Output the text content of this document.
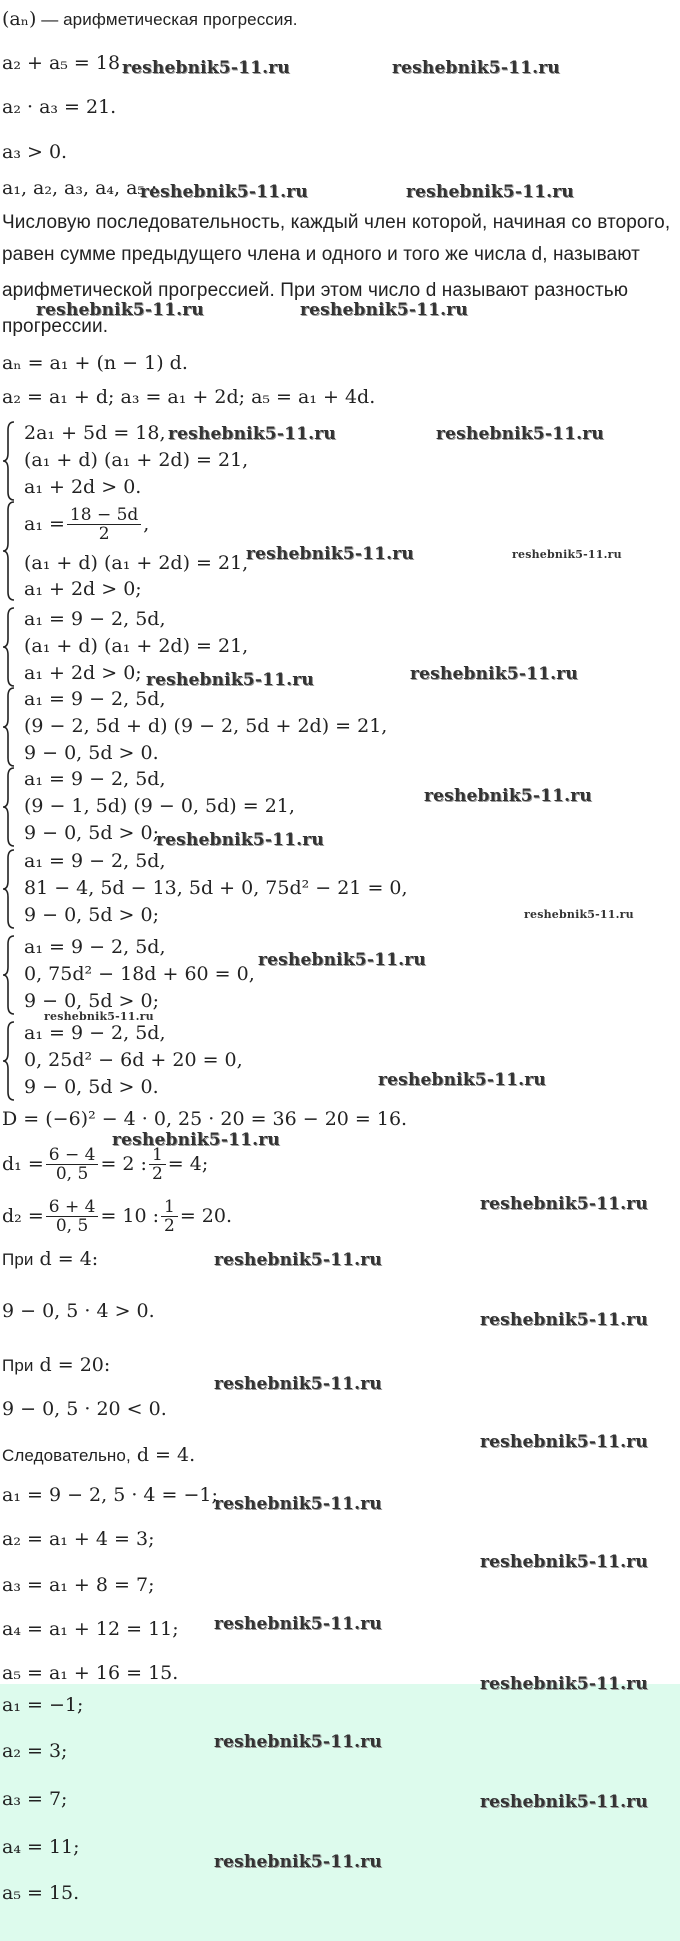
(aₙ) — арифметическая прогрессия.
a₂ + a₅ = 18
a₂ · a₃ = 21.
a₃ > 0.
a₁, a₂, a₃, a₄, a₅ ·
Числовую последовательность, каждый член которой, начиная со второго,
равен сумме предыдущего члена и одного и того же числа d, называют
арифметической прогрессией. При этом число d называют разностью
прогрессии.
aₙ = a₁ + (n − 1) d.
a₂ = a₁ + d; a₃ = a₁ + 2d; a₅ = a₁ + 4d.
2a₁ + 5d = 18,
(a₁ + d) (a₁ + 2d) = 21,
a₁ + 2d > 0.
$a_1 = \frac{18 - 5d}{2}$ ,
(a₁ + d) (a₁ + 2d) = 21,
a₁ + 2d > 0;
a₁ = 9 − 2, 5d,
(a₁ + d) (a₁ + 2d) = 21,
a₁ + 2d > 0;
a₁ = 9 − 2, 5d,
(9 − 2, 5d + d) (9 − 2, 5d + 2d) = 21,
9 − 0, 5d > 0.
a₁ = 9 − 2, 5d,
(9 − 1, 5d) (9 − 0, 5d) = 21,
9 − 0, 5d > 0;
a₁ = 9 − 2, 5d,
81 − 4, 5d − 13, 5d + 0, 75d² − 21 = 0,
9 − 0, 5d > 0;
a₁ = 9 − 2, 5d,
0, 75d² − 18d + 60 = 0,
9 − 0, 5d > 0;
a₁ = 9 − 2, 5d,
0, 25d² − 6d + 20 = 0,
9 − 0, 5d > 0.
D = (−6)² − 4 · 0, 25 · 20 = 36 − 20 = 16.
$d_1 = \frac{6 - 4}{0, 5} = 2$ : $\frac{1}{2} = 4$;
$d_2 = \frac{6 + 4}{0, 5} = 10$ : $\frac{1}{2} = 20$.
При d = 4:
9 − 0, 5 · 4 > 0.
При d = 20:
9 − 0, 5 · 20 < 0.
Следовательно, d = 4.
a₁ = 9 − 2, 5 · 4 = −1;
a₂ = a₁ + 4 = 3;
a₃ = a₁ + 8 = 7;
a₄ = a₁ + 12 = 11;
a₅ = a₁ + 16 = 15.
a₁ = −1;
a₂ = 3;
a₃ = 7;
a₄ = 11;
a₅ = 15.
reshebnik5-11.ru	reshebnik5-11.ru
reshebnik5-11.ru	reshebnik5-11.ru
reshebnik5-11.ru	reshebnik5-11.ru
reshebnik5-11.ru	reshebnik5-11.ru
reshebnik5-11.ru	reshebnik5-11.ru
reshebnik5-11.ru	reshebnik5-11.ru
reshebnik5-11.ru
reshebnik5-11.ru
reshebnik5-11.ru
reshebnik5-11.ru
reshebnik5-11.ru
reshebnik5-11.ru
reshebnik5-11.ru
reshebnik5-11.ru
reshebnik5-11.ru
reshebnik5-11.ru
reshebnik5-11.ru
reshebnik5-11.ru
reshebnik5-11.ru
reshebnik5-11.ru
reshebnik5-11.ru
reshebnik5-11.ru
reshebnik5-11.ru
reshebnik5-11.ru
reshebnik5-11.ru
